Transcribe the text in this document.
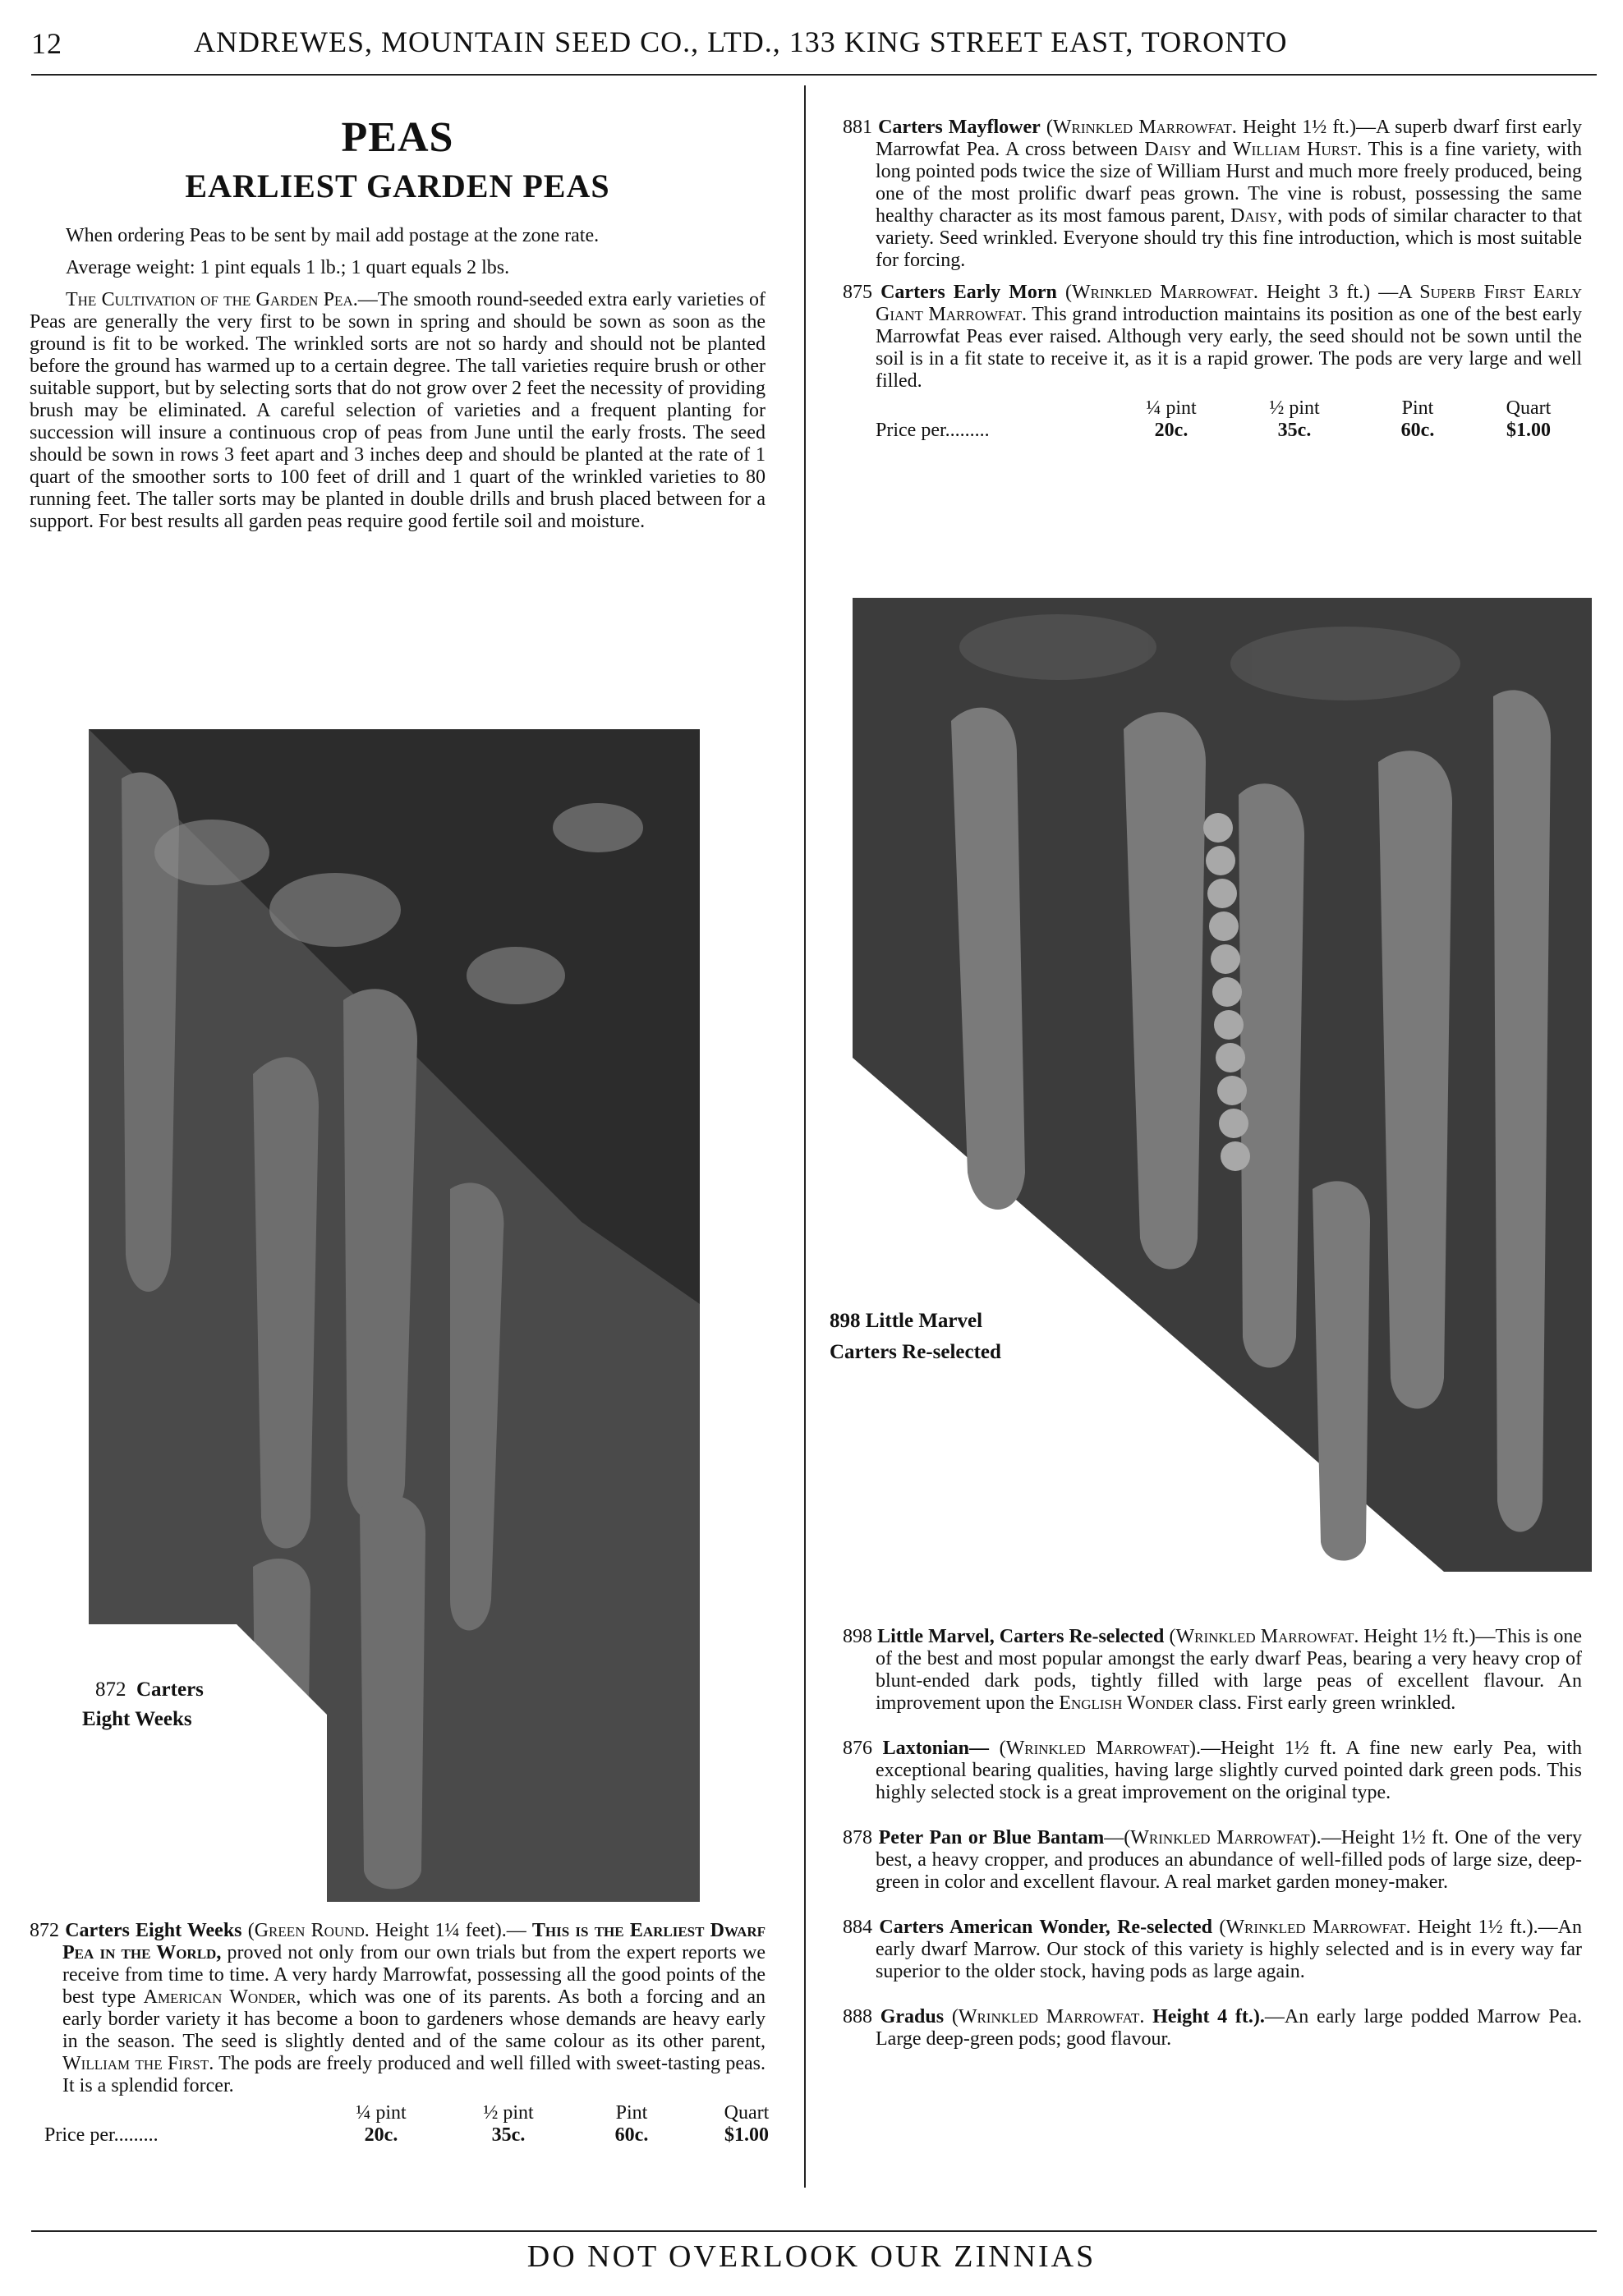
12	ANDREWES, MOUNTAIN SEED CO., LTD., 133 KING STREET EAST, TORONTO
PEAS
EARLIEST GARDEN PEAS

When ordering Peas to be sent by mail add postage at the zone rate.

Average weight: 1 pint equals 1 lb.; 1 quart equals 2 lbs.

The Cultivation of the Garden Pea.—The smooth round-seeded extra early varieties of Peas are generally the very first to be sown in spring and should be sown as soon as the ground is fit to be worked. The wrinkled sorts are not so hardy and should not be planted before the ground has warmed up to a certain degree. The tall varieties require brush or other suitable support, but by selecting sorts that do not grow over 2 feet the necessity of providing brush may be eliminated. A careful selection of varieties and a frequent planting for succession will insure a continuous crop of peas from June until the early frosts. The seed should be sown in rows 3 feet apart and 3 inches deep and should be planted at the rate of 1 quart of the smoother sorts to 100 feet of drill and 1 quart of the wrinkled varieties to 80 running feet. The taller sorts may be planted in double drills and brush placed between for a support. For best results all garden peas require good fertile soil and moisture.

872 Carters
Eight Weeks

872 Carters Eight Weeks (Green Round. Height 1¼ feet).— This is the Earliest Dwarf Pea in the World, proved not only from our own trials but from the expert reports we receive from time to time. A very hardy Marrowfat, possessing all the good points of the best type American Wonder, which was one of its parents. As both a forcing and an early border variety it has become a boon to gardeners whose demands are heavy early in the season. The seed is slightly dented and of the same colour as its other parent, William the First. The pods are freely produced and well filled with sweet-tasting peas. It is a splendid forcer.

¼ pint	½ pint	Pint	Quart
Price per.........	20c.	35c.	60c.	$1.00

881 Carters Mayflower (Wrinkled Marrowfat. Height 1½ ft.)—A superb dwarf first early Marrowfat Pea. A cross between Daisy and William Hurst. This is a fine variety, with long pointed pods twice the size of William Hurst and much more freely produced, being one of the most prolific dwarf peas grown. The vine is robust, possessing the same healthy character as its most famous parent, Daisy, with pods of similar character to that variety. Seed wrinkled. Everyone should try this fine introduction, which is most suitable for forcing.

875 Carters Early Morn (Wrinkled Marrowfat. Height 3 ft.) —A Superb First Early Giant Marrowfat. This grand introduction maintains its position as one of the best early Marrowfat Peas ever raised. Although very early, the seed should not be sown until the soil is in a fit state to receive it, as it is a rapid grower. The pods are very large and well filled.

¼ pint	½ pint	Pint	Quart
Price per.........	20c.	35c.	60c.	$1.00
898 Little Marvel
Carters Re-selected

898 Little Marvel, Carters Re-selected (Wrinkled Marrowfat. Height 1½ ft.)—This is one of the best and most popular amongst the early dwarf Peas, bearing a very heavy crop of blunt-ended dark pods, tightly filled with large peas of excellent flavour. An improvement upon the English Wonder class. First early green wrinkled.

876 Laxtonian— (Wrinkled Marrowfat).—Height 1½ ft. A fine new early Pea, with exceptional bearing qualities, having large slightly curved pointed dark green pods. This highly selected stock is a great improvement on the original type.

878 Peter Pan or Blue Bantam—(Wrinkled Marrowfat).—Height 1½ ft. One of the very best, a heavy cropper, and produces an abundance of well-filled pods of large size, deep-green in color and excellent flavour. A real market garden money-maker.

884 Carters American Wonder, Re-selected (Wrinkled Marrowfat. Height 1½ ft.).—An early dwarf Marrow. Our stock of this variety is highly selected and is in every way far superior to the older stock, having pods as large again.

888 Gradus (Wrinkled Marrowfat. Height 4 ft.).—An early large podded Marrow Pea. Large deep-green pods; good flavour.

DO NOT OVERLOOK OUR ZINNIAS
